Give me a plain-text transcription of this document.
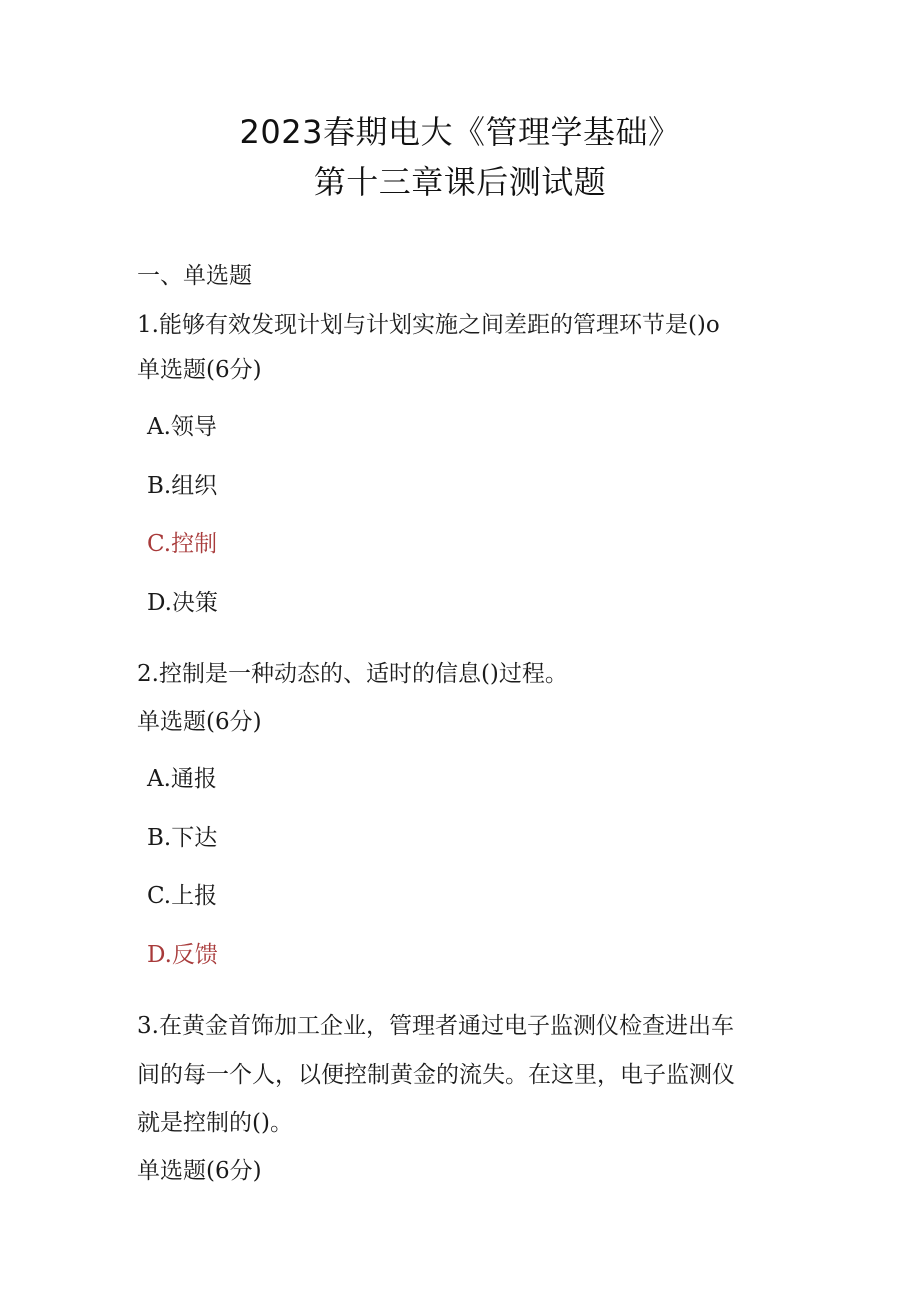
2023春期电大《管理学基础》
第十三章课后测试题
一、单选题
1.能够有效发现计划与计划实施之间差距的管理环节是()o
单选题(6分)
A.领导
B.组织
C.控制
D.决策
2.控制是一种动态的、适时的信息()过程。
单选题(6分)
A.通报
B.下达
C.上报
D.反馈
3.在黄金首饰加工企业，管理者通过电子监测仪检查进出车
间的每一个人，以便控制黄金的流失。在这里，电子监测仪
就是控制的()。
单选题(6分)
